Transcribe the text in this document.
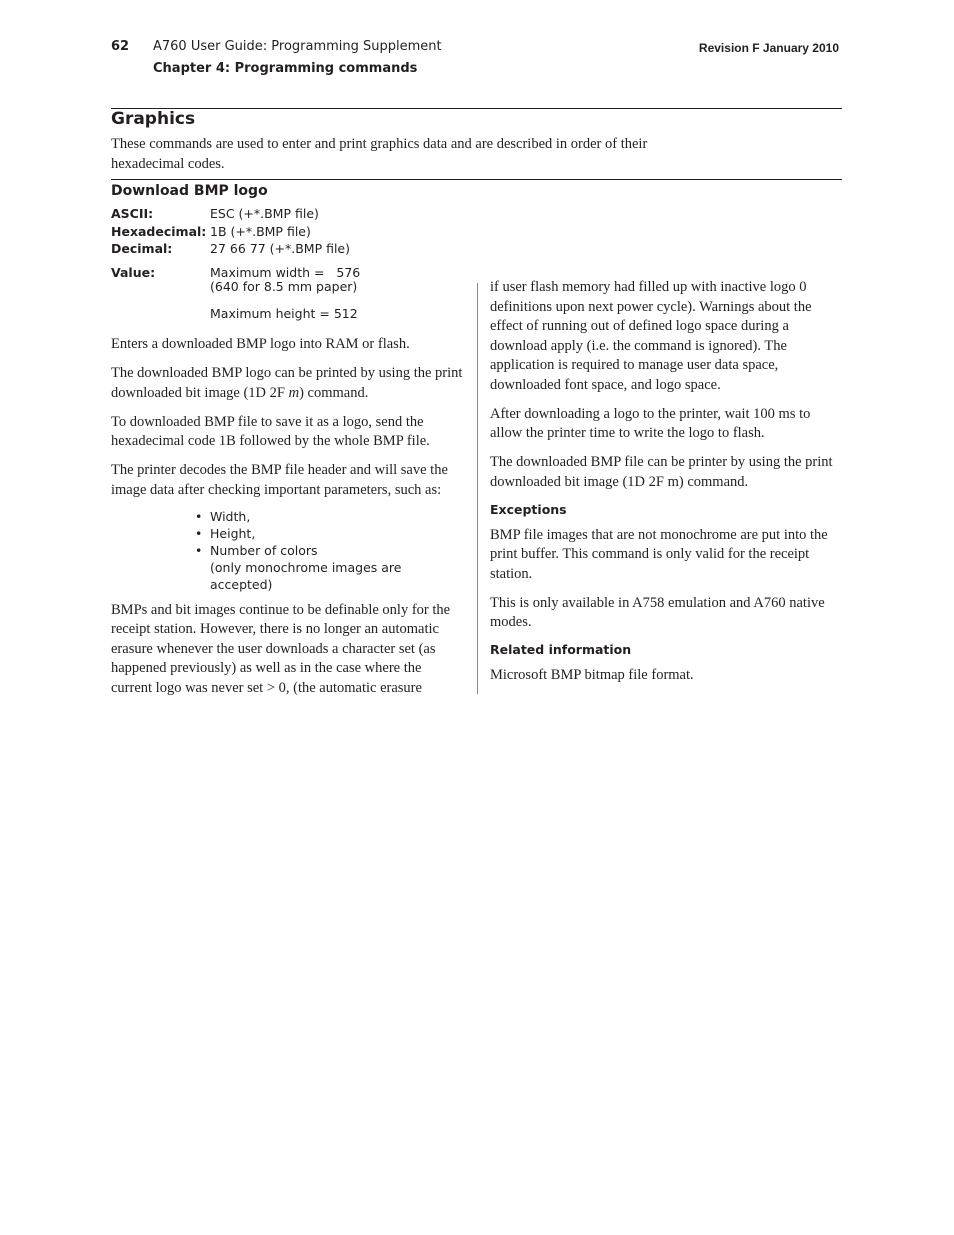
62 A760 User Guide: Programming Supplement
Chapter 4: Programming commands
Revision F January 2010
Graphics
These commands are used to enter and print graphics data and are described in order of their hexadecimal codes.
Download BMP logo
ASCII:	ESC (+*.BMP file)
Hexadecimal: 1B (+*.BMP file)
Decimal:	27 66 77 (+*.BMP file)
Value:	Maximum width =   576
(640 for 8.5 mm paper)
Maximum height = 512

Enters a downloaded BMP logo into RAM or flash.

The downloaded BMP logo can be printed by using the print downloaded bit image (1D 2F m) command.

To downloaded BMP file to save it as a logo, send the hexadecimal code 1B followed by the whole BMP file.

The printer decodes the BMP file header and will save the image data after checking important parameters, such as:

• Width,
• Height,
• Number of colors
(only monochrome images are accepted)

BMPs and bit images continue to be definable only for the receipt station. However, there is no longer an automatic erasure whenever the user downloads a character set (as happened previously) as well as in the case where the current logo was never set > 0, (the automatic erasure

if user flash memory had filled up with inactive logo 0 definitions upon next power cycle). Warnings about the effect of running out of defined logo space during a download apply (i.e. the command is ignored). The application is required to manage user data space, downloaded font space, and logo space.

After downloading a logo to the printer, wait 100 ms to allow the printer time to write the logo to flash.

The downloaded BMP file can be printer by using the print downloaded bit image (1D 2F m) command.

Exceptions

BMP file images that are not monochrome are put into the print buffer. This command is only valid for the receipt station.

This is only available in A758 emulation and A760 native modes.

Related information

Microsoft BMP bitmap file format.
